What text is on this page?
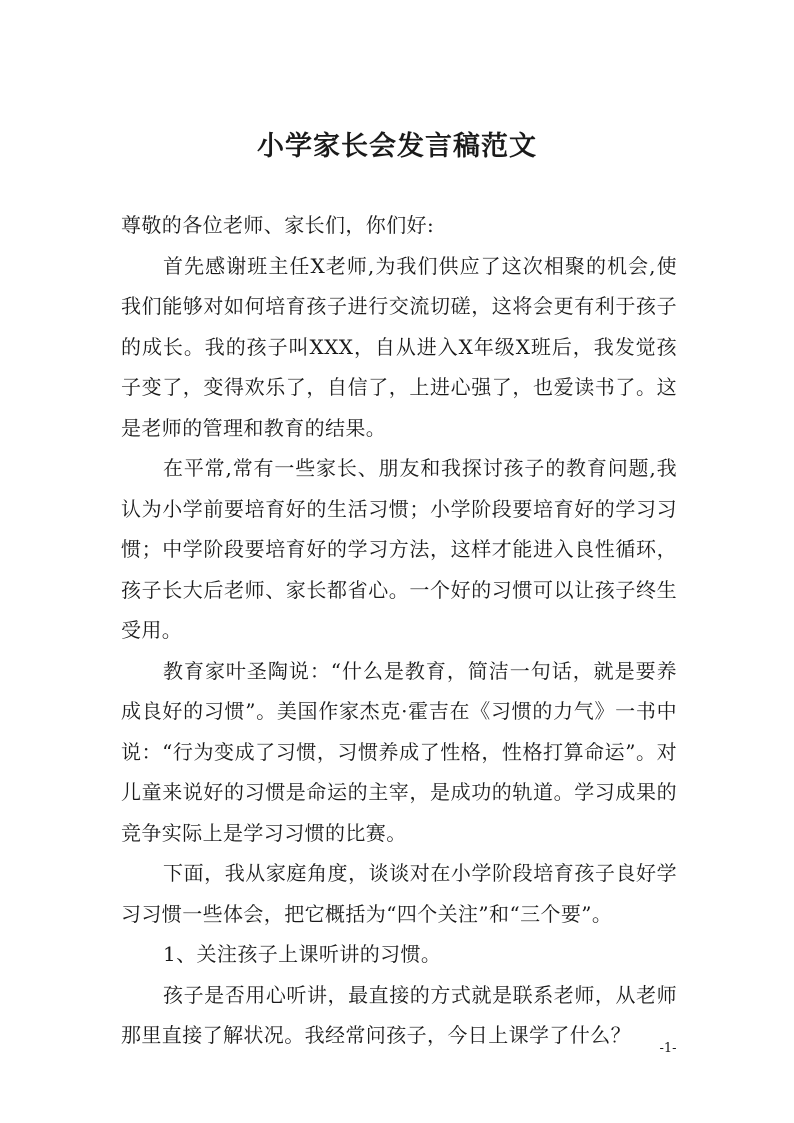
小学家长会发言稿范文

尊敬的各位老师、家长们，你们好:

首先感谢班主任X老师,为我们供应了这次相聚的机会,使我们能够对如何培育孩子进行交流切磋，这将会更有利于孩子的成长。我的孩子叫XXX，自从进入X年级X班后，我发觉孩子变了，变得欢乐了，自信了，上进心强了，也爱读书了。这是老师的管理和教育的结果。

在平常,常有一些家长、朋友和我探讨孩子的教育问题,我认为小学前要培育好的生活习惯；小学阶段要培育好的学习习惯；中学阶段要培育好的学习方法，这样才能进入良性循环，孩子长大后老师、家长都省心。一个好的习惯可以让孩子终生受用。

教育家叶圣陶说：“什么是教育，简洁一句话，就是要养成良好的习惯”。美国作家杰克·霍吉在《习惯的力气》一书中说：“行为变成了习惯，习惯养成了性格，性格打算命运”。对儿童来说好的习惯是命运的主宰，是成功的轨道。学习成果的竞争实际上是学习习惯的比赛。

下面，我从家庭角度，谈谈对在小学阶段培育孩子良好学习习惯一些体会，把它概括为“四个关注”和“三个要”。

1、关注孩子上课听讲的习惯。

孩子是否用心听讲，最直接的方式就是联系老师，从老师那里直接了解状况。我经常问孩子，今日上课学了什么？

-1-
